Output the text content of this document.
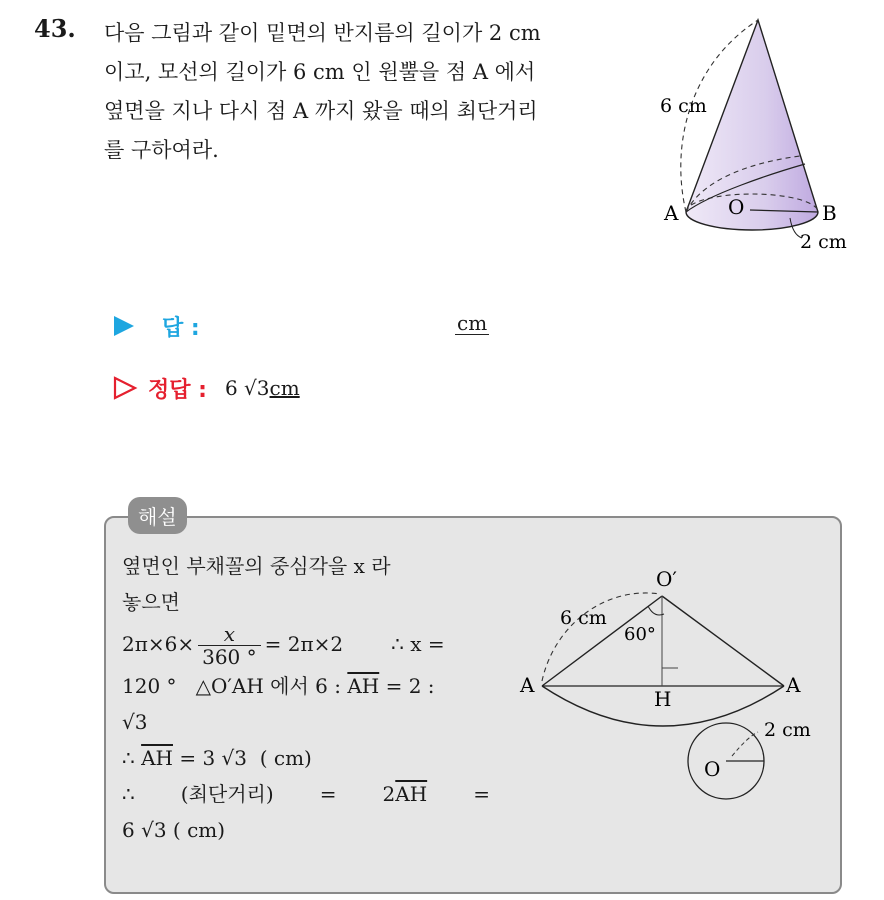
43. 다음 그림과 같이 밑면의 반지름의 길이가 2 cm
이고, 모선의 길이가 6 cm 인 원뿔을 점 A 에서
옆면을 지나 다시 점 A 까지 왔을 때의 최단거리
를 구하여라.
6 cm
A O	B
2 cm
답 :	cm
정답 : 6 √3cm
해설
옆면인 부채꼴의 중심각을 x 라
놓으면
$2\pi\times 6\times \frac{x}{360 ^\circ} = 2\pi\times 2$ ∴ x =
120 °   △O′AH 에서 6 : $\overline{AH} = 2$ :
√3
∴ $\overline{AH} = 3$ √3  ( cm)
∴ (최단거리) = $2\overline{AH}$ =
6 √3 ( cm)
O′
6 cm
60°
A	A
H
2 cm
O
